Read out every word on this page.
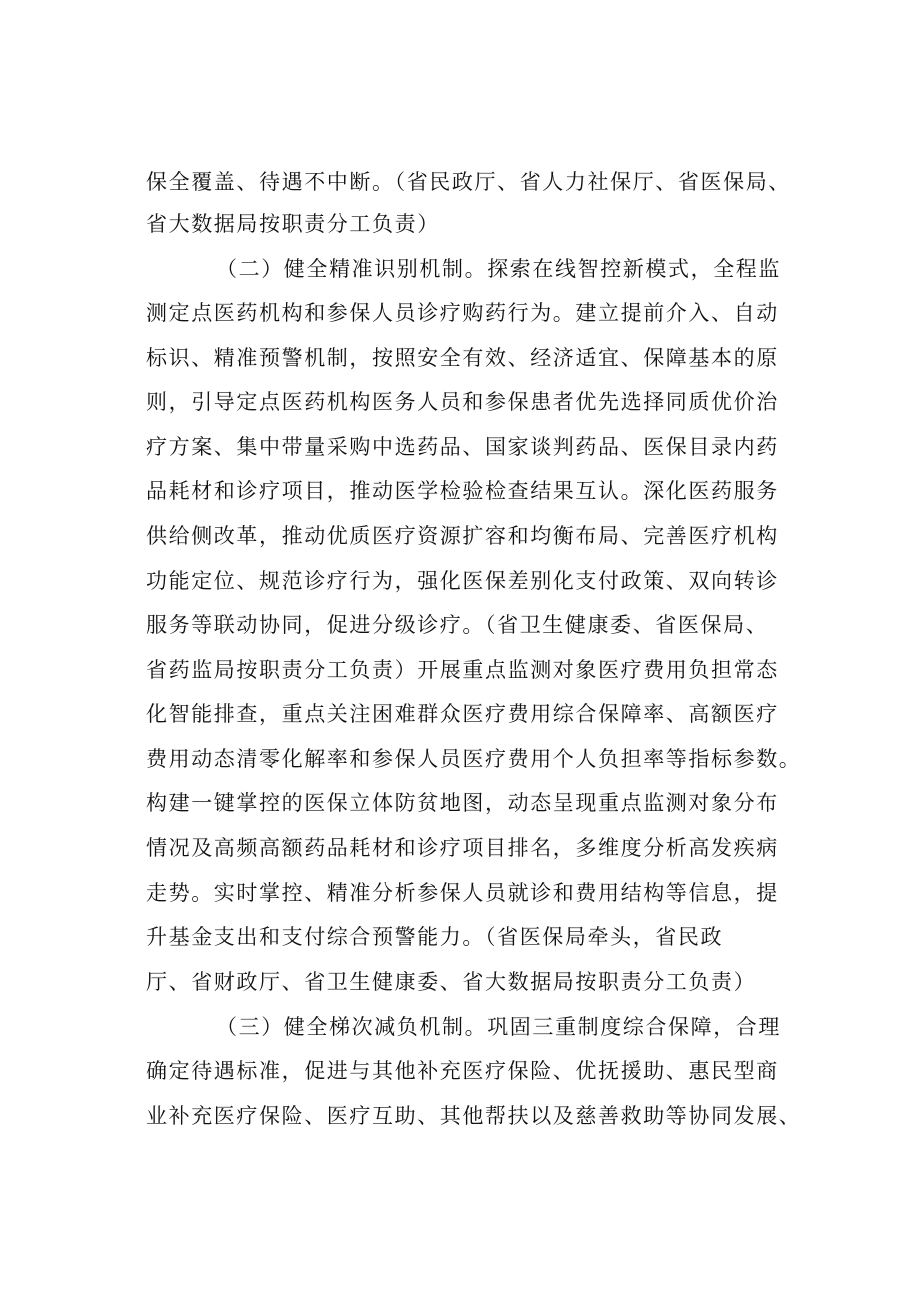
保全覆盖、待遇不中断。（省民政厅、省人力社保厅、省医保局、
省大数据局按职责分工负责）
（二）健全精准识别机制。探索在线智控新模式，全程监
测定点医药机构和参保人员诊疗购药行为。建立提前介入、自动
标识、精准预警机制，按照安全有效、经济适宜、保障基本的原
则，引导定点医药机构医务人员和参保患者优先选择同质优价治
疗方案、集中带量采购中选药品、国家谈判药品、医保目录内药
品耗材和诊疗项目，推动医学检验检查结果互认。深化医药服务
供给侧改革，推动优质医疗资源扩容和均衡布局、完善医疗机构
功能定位、规范诊疗行为，强化医保差别化支付政策、双向转诊
服务等联动协同，促进分级诊疗。（省卫生健康委、省医保局、
省药监局按职责分工负责）开展重点监测对象医疗费用负担常态
化智能排查，重点关注困难群众医疗费用综合保障率、高额医疗
费用动态清零化解率和参保人员医疗费用个人负担率等指标参数。
构建一键掌控的医保立体防贫地图，动态呈现重点监测对象分布
情况及高频高额药品耗材和诊疗项目排名，多维度分析高发疾病
走势。实时掌控、精准分析参保人员就诊和费用结构等信息，提
升基金支出和支付综合预警能力。（省医保局牵头，省民政
厅、省财政厅、省卫生健康委、省大数据局按职责分工负责）
（三）健全梯次减负机制。巩固三重制度综合保障，合理
确定待遇标准，促进与其他补充医疗保险、优抚援助、惠民型商
业补充医疗保险、医疗互助、其他帮扶以及慈善救助等协同发展、
